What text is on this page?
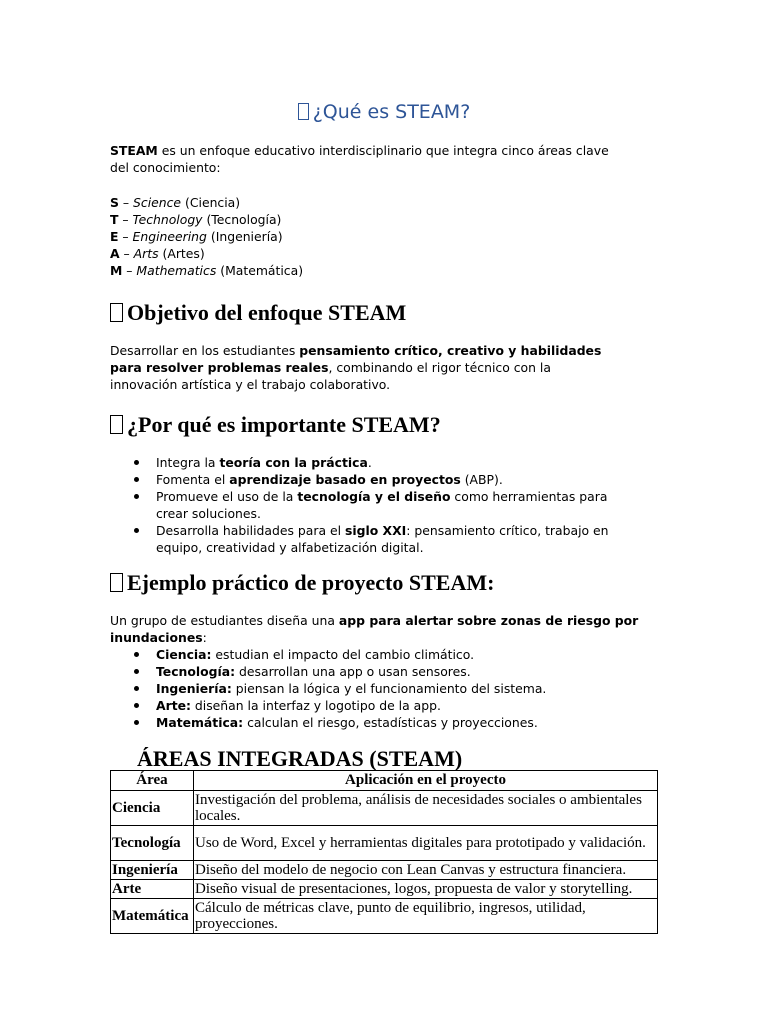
¿Qué es STEAM?

STEAM es un enfoque educativo interdisciplinario que integra cinco áreas clave del conocimiento:

S – Science (Ciencia)

T – Technology (Tecnología)

E – Engineering (Ingeniería)

A – Arts (Artes)

M – Mathematics (Matemática)

Objetivo del enfoque STEAM

Desarrollar en los estudiantes pensamiento crítico, creativo y habilidades para resolver problemas reales, combinando el rigor técnico con la innovación artística y el trabajo colaborativo.

¿Por qué es importante STEAM?
Integra la teoría con la práctica.
Fomenta el aprendizaje basado en proyectos (ABP).
Promueve el uso de la tecnología y el diseño como herramientas para crear soluciones.
Desarrolla habilidades para el siglo XXI: pensamiento crítico, trabajo en equipo, creatividad y alfabetización digital.
Ejemplo práctico de proyecto STEAM:

Un grupo de estudiantes diseña una app para alertar sobre zonas de riesgo por inundaciones:

Ciencia: estudian el impacto del cambio climático.
Tecnología: desarrollan una app o usan sensores.
Ingeniería: piensan la lógica y el funcionamiento del sistema.
Arte: diseñan la interfaz y logotipo de la app.
Matemática: calculan el riesgo, estadísticas y proyecciones.
ÁREAS INTEGRADAS (STEAM)
Área	Aplicación en el proyecto
Ciencia	Investigación del problema, análisis de necesidades sociales o ambientales locales.
Tecnología	Uso de Word, Excel y herramientas digitales para prototipado y validación.
Ingeniería	Diseño del modelo de negocio con Lean Canvas y estructura financiera.
Arte	Diseño visual de presentaciones, logos, propuesta de valor y storytelling.
Matemática	Cálculo de métricas clave, punto de equilibrio, ingresos, utilidad, proyecciones.
